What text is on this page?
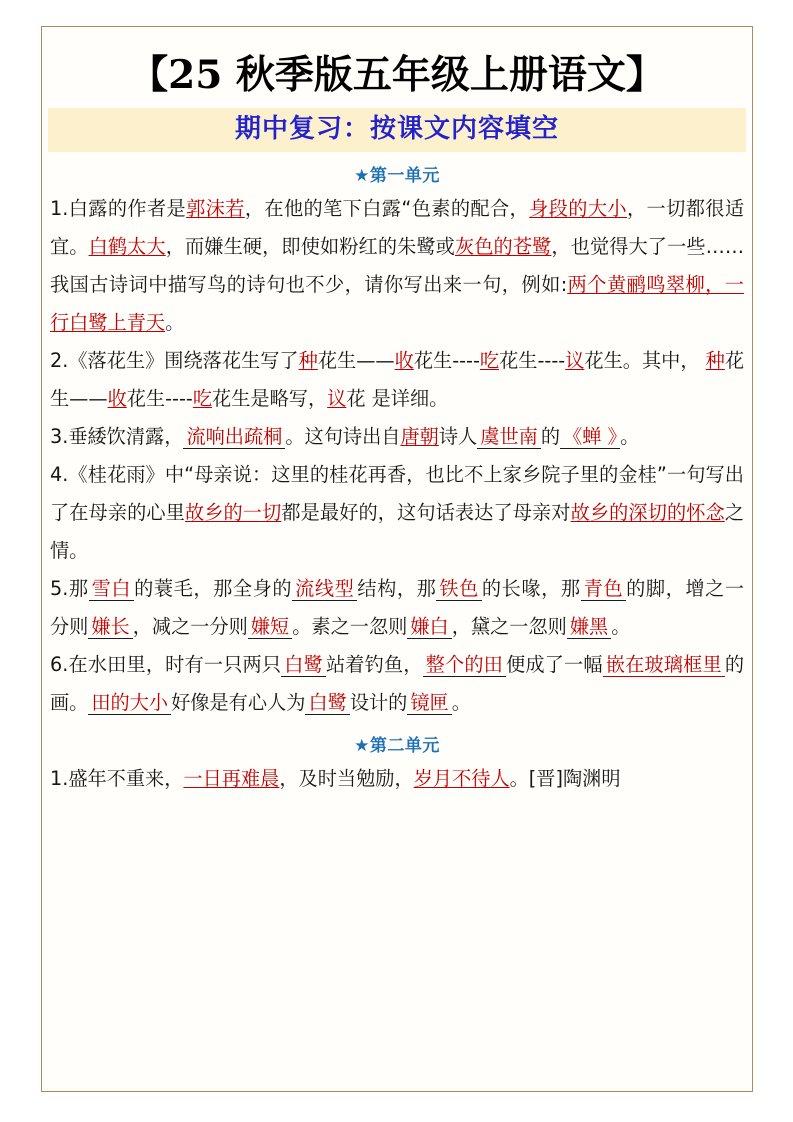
【25 秋季版五年级上册语文】
期中复习：按课文内容填空
★第一单元

1.白露的作者是郭沫若，在他的笔下白露“色素的配合，身段的大小，一切都很适宜。白鹤太大，而嫌生硬，即使如粉红的朱鹭或灰色的苍鹭，也觉得大了一些……我国古诗词中描写鸟的诗句也不少，请你写出来一句，例如:两个黄鹂鸣翠柳，一行白鹭上青天。

2.《落花生》围绕落花生写了种花生——收花生----吃花生----议花生。其中， 种花生——收花生----吃花生是略写，议花 是详细。

3.垂緌饮清露， 流响出疏桐 。这句诗出自唐朝诗人 虞世南 的 《蝉 》 。

4.《桂花雨》中“母亲说：这里的桂花再香，也比不上家乡院子里的金桂”一句写出了在母亲的心里故乡的一切都是最好的，这句话表达了母亲对故乡的深切的怀念之情。

5.那 雪白 的蓑毛，那全身的 流线型 结构，那 铁色 的长喙，那 青色 的脚，增之一分则 嫌长 ，减之一分则 嫌短 。素之一忽则 嫌白 ，黛之一忽则 嫌黑 。

6.在水田里，时有一只两只 白鹭 站着钓鱼， 整个的田 便成了一幅 嵌在玻璃框里 的画。 田的大小 好像是有心人为 白鹭 设计的 镜匣 。

★第二单元

1.盛年不重来，一日再难晨，及时当勉励，岁月不待人。[晋]陶渊明
